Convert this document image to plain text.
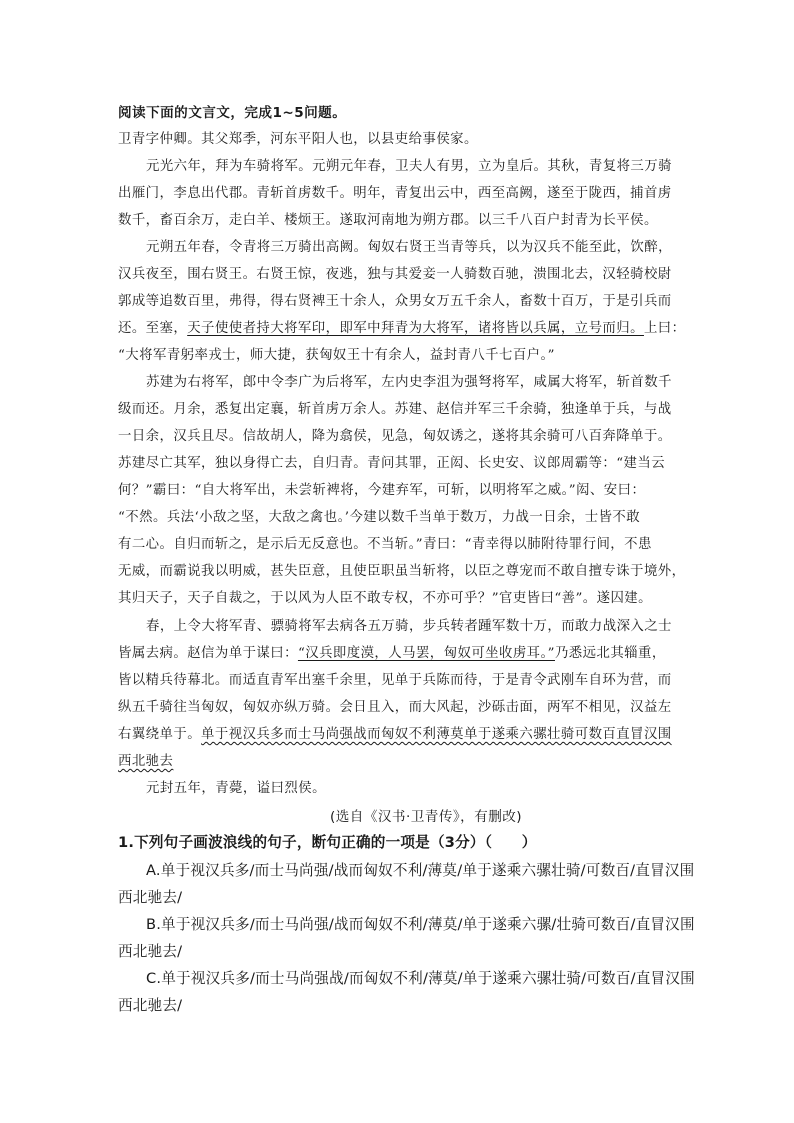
阅读下面的文言文，完成1~5问题。
卫青字仲卿。其父郑季，河东平阳人也，以县吏给事侯家。
元光六年，拜为车骑将军。元朔元年春，卫夫人有男，立为皇后。其秋，青复将三万骑
出雁门，李息出代郡。青斩首虏数千。明年，青复出云中，西至高阙，遂至于陇西，捕首虏
数千，畜百余万，走白羊、楼烦王。遂取河南地为朔方郡。以三千八百户封青为长平侯。
元朔五年春，令青将三万骑出高阙。匈奴右贤王当青等兵，以为汉兵不能至此，饮醉，
汉兵夜至，围右贤王。右贤王惊，夜逃，独与其爱妾一人骑数百驰，溃围北去，汉轻骑校尉
郭成等追数百里，弗得，得右贤裨王十余人，众男女万五千余人，畜数十百万，于是引兵而
还。至塞，天子使使者持大将军印，即军中拜青为大将军，诸将皆以兵属，立号而归。上曰：
“大将军青躬率戎士，师大捷，获匈奴王十有余人，益封青八千七百户。”
苏建为右将军，郎中令李广为后将军，左内史李沮为强弩将军，咸属大将军，斩首数千
级而还。月余，悉复出定襄，斩首虏万余人。苏建、赵信并军三千余骑，独逢单于兵，与战
一日余，汉兵且尽。信故胡人，降为翕侯，见急，匈奴诱之，遂将其余骑可八百奔降单于。
苏建尽亡其军，独以身得亡去，自归青。青问其罪，正闳、长史安、议郎周霸等：“建当云
何？”霸曰：“自大将军出，未尝斩裨将，今建弃军，可斩，以明将军之威。”闳、安曰：
“不然。兵法‘小敌之坚，大敌之禽也。’今建以数千当单于数万，力战一日余，士皆不敢
有二心。自归而斩之，是示后无反意也。不当斩。”青曰：“青幸得以肺附待罪行间，不患
无威，而霸说我以明威，甚失臣意，且使臣职虽当斩将，以臣之尊宠而不敢自擅专诛于境外，
其归天子，天子自裁之，于以风为人臣不敢专权，不亦可乎？”官吏皆曰“善”。遂囚建。
春，上令大将军青、骠骑将军去病各五万骑，步兵转者踵军数十万，而敢力战深入之士
皆属去病。赵信为单于谋曰：“汉兵即度漠，人马罢，匈奴可坐收虏耳。”乃悉远北其辎重，
皆以精兵待幕北。而适直青军出塞千余里，见单于兵陈而待，于是青令武刚车自环为营，而
纵五千骑往当匈奴，匈奴亦纵万骑。会日且入，而大风起，沙砾击面，两军不相见，汉益左
右翼绕单于。单于视汉兵多而士马尚强战而匈奴不利薄莫单于遂乘六骡壮骑可数百直冒汉围
西北驰去
元封五年，青薨，谥曰烈侯。
(选自《汉书·卫青传》，有删改)
1.下列句子画波浪线的句子，断句正确的一项是（3分）（　　）
A.单于视汉兵多/而士马尚强/战而匈奴不利/薄莫/单于遂乘六骡壮骑/可数百/直冒汉围
西北驰去/
B.单于视汉兵多/而士马尚强/战而匈奴不利/薄莫/单于遂乘六骡/壮骑可数百/直冒汉围
西北驰去/
C.单于视汉兵多/而士马尚强战/而匈奴不利/薄莫/单于遂乘六骡壮骑/可数百/直冒汉围
西北驰去/
